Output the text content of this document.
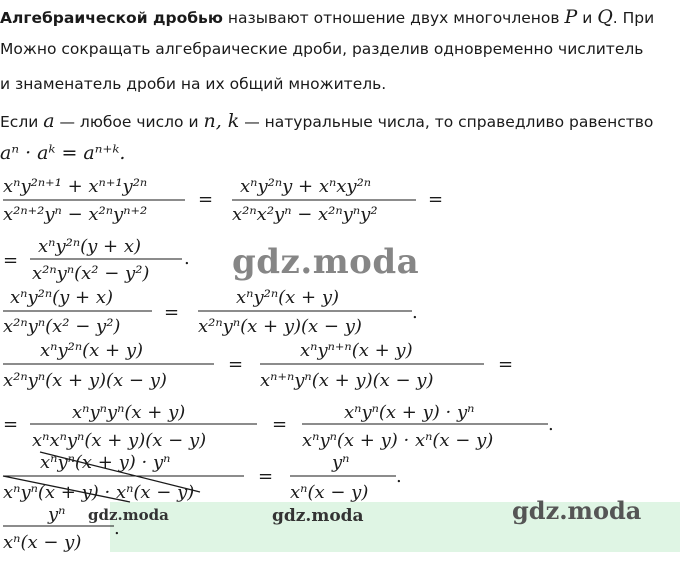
Алгебраической дробью называют отношение двух многочленов P и Q. При
Можно сокращать алгебраические дроби, разделив одновременно числитель
и знаменатель дроби на их общий множитель.
Если a — любое число и n, k — натуральные числа, то справедливо равенство
aⁿ · aᵏ = aⁿ⁺ᵏ.
xⁿy²ⁿ⁺¹ + xⁿ⁺¹y²ⁿ
x²ⁿ⁺²yⁿ − x²ⁿyⁿ⁺²
=
xⁿy²ⁿy + xⁿxy²ⁿ
x²ⁿx²yⁿ − x²ⁿyⁿy²
=
=
xⁿy²ⁿ(y + x)
x²ⁿyⁿ(x² − y²)
.
xⁿy²ⁿ(y + x)
x²ⁿyⁿ(x² − y²)
=
xⁿy²ⁿ(x + y)
x²ⁿyⁿ(x + y)(x − y)
.
xⁿy²ⁿ(x + y)
x²ⁿyⁿ(x + y)(x − y)
=
xⁿyⁿ⁺ⁿ(x + y)
xⁿ⁺ⁿyⁿ(x + y)(x − y)
=
=
xⁿyⁿyⁿ(x + y)
xⁿxⁿyⁿ(x + y)(x − y)
=
xⁿyⁿ(x + y) · yⁿ
xⁿyⁿ(x + y) · xⁿ(x − y)
.
xⁿyⁿ(x + y) · yⁿ
xⁿyⁿ(x + y) · xⁿ(x − y)
=
yⁿ
xⁿ(x − y)
.
yⁿ
xⁿ(x − y)
.
gdz.moda
gdz.moda	gdz.moda	gdz.moda
